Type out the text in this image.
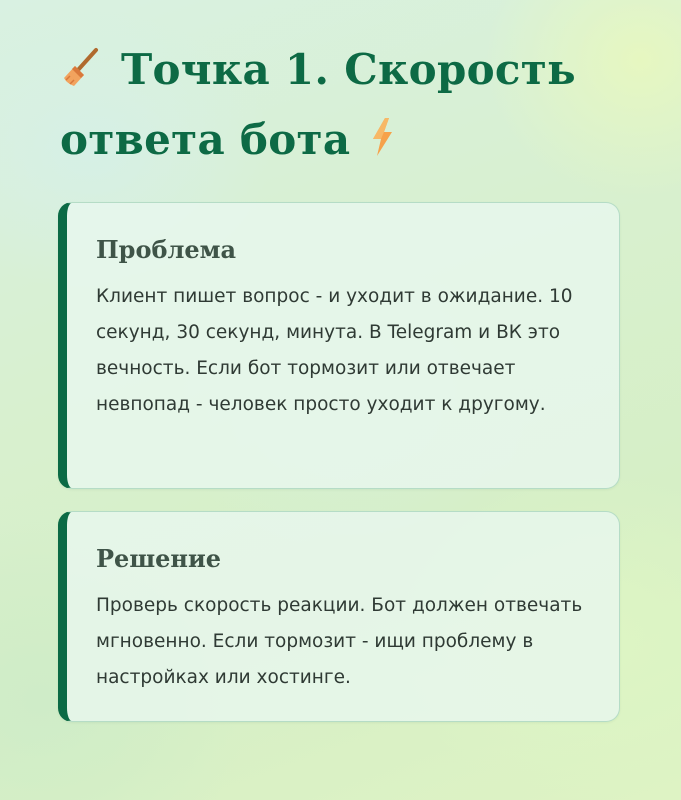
Точка 1. Скорость
ответа бота
Проблема

Клиент пишет вопрос - и уходит в ожидание. 10 секунд, 30 секунд, минута. В Telegram и ВК это вечность. Если бот тормозит или отвечает невпопад - человек просто уходит к другому.

Решение

Проверь скорость реакции. Бот должен отвечать мгновенно. Если тормозит - ищи проблему в настройках или хостинге.
